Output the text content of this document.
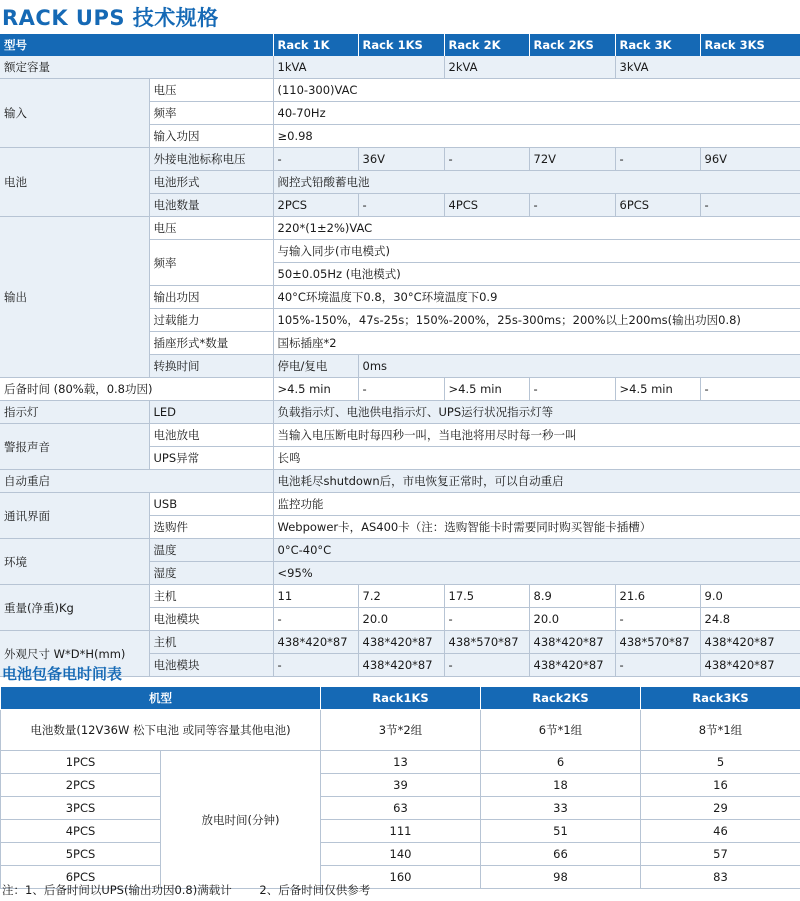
RACK UPS 技术规格
型号		Rack 1K	Rack 1KS	Rack 2K	Rack 2KS	Rack 3K	Rack 3KS
额定容量		1kVA		2kVA		3kVA	
输入	电压	(110-300)VAC					
	频率	40-70Hz					
	输入功因	≥0.98					
电池	外接电池标称电压	-	36V	-	72V	-	96V
	电池形式	阀控式铅酸蓄电池					
	电池数量	2PCS	-	4PCS	-	6PCS	-
输出	电压	220*(1±2%)VAC					
	频率	与输入同步(市电模式)					
		50±0.05Hz (电池模式)					
	输出功因	40°C环境温度下0.8，30°C环境温度下0.9					
	过载能力	105%-150%，47s-25s；150%-200%，25s-300ms；200%以上200ms(输出功因0.8)					
	插座形式*数量	国标插座*2					
	转换时间	停电/复电	0ms				
后备时间 (80%载，0.8功因)		>4.5 min	-	>4.5 min	-	>4.5 min	-
指示灯	LED	负载指示灯、电池供电指示灯、UPS运行状况指示灯等					
警报声音	电池放电	当输入电压断电时每四秒一叫，当电池将用尽时每一秒一叫					
	UPS异常	长鸣					
自动重启		电池耗尽shutdown后，市电恢复正常时，可以自动重启					
通讯界面	USB	监控功能					
	选购件	Webpower卡，AS400卡（注：选购智能卡时需要同时购买智能卡插槽）					
环境	温度	0°C-40°C					
	湿度	<95%					
重量(净重)Kg	主机	11	7.2	17.5	8.9	21.6	9.0
	电池模块	-	20.0	-	20.0	-	24.8
外观尺寸 W*D*H(mm)	主机	438*420*87	438*420*87	438*570*87	438*420*87	438*570*87	438*420*87
	电池模块	-	438*420*87	-	438*420*87	-	438*420*87
电池包备电时间表
机型		Rack1KS	Rack2KS	Rack3KS
电池数量(12V36W 松下电池 或同等容量其他电池)		3节*2组	6节*1组	8节*1组
1PCS	放电时间(分钟)	13	6	5
2PCS		39	18	16
3PCS		63	33	29
4PCS		111	51	46
5PCS		140	66	57
6PCS		160	98	83
注：1、后备时间以UPS(输出功因0.8)满载计 2、后备时间仅供参考
